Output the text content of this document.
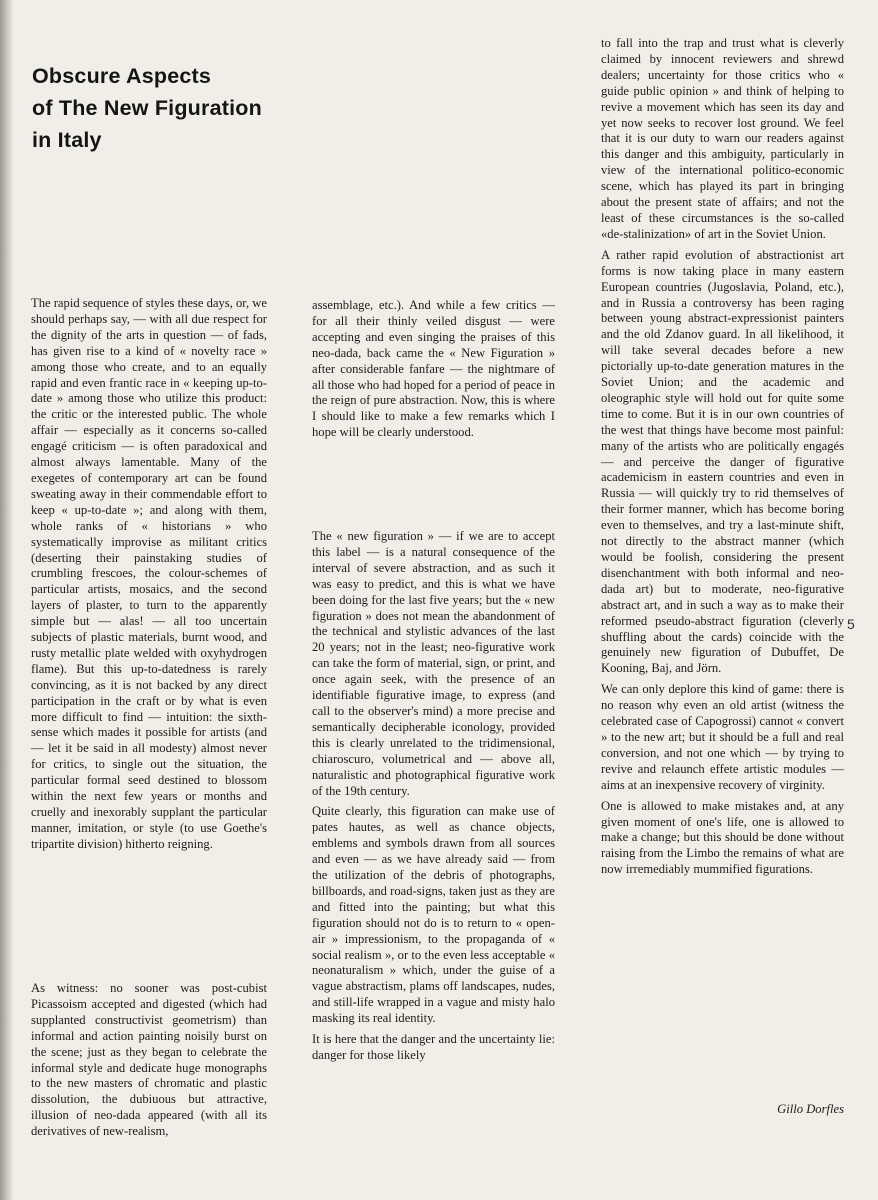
Obscure Aspects
of The New Figuration
in Italy

The rapid sequence of styles these days, or, we should perhaps say, — with all due respect for the dignity of the arts in question — of fads, has given rise to a kind of « novelty race » among those who create, and to an equally rapid and even frantic race in « keeping up-to-date » among those who utilize this product: the critic or the interested public. The whole affair — especially as it concerns so-called engagé criticism — is often paradoxical and almost always lamentable. Many of the exegetes of contemporary art can be found sweating away in their commendable effort to keep « up-to-date »; and along with them, whole ranks of « historians » who systematically improvise as militant critics (deserting their painstaking studies of crumbling frescoes, the colour-schemes of particular artists, mosaics, and the second layers of plaster, to turn to the apparently simple but — alas! — all too uncertain subjects of plastic materials, burnt wood, and rusty metallic plate welded with oxyhydrogen flame). But this up-to-datedness is rarely convincing, as it is not backed by any direct participation in the craft or by what is even more difficult to find — intuition: the sixth-sense which mades it possible for artists (and — let it be said in all modesty) almost never for critics, to single out the situation, the particular formal seed destined to blossom within the next few years or months and cruelly and inexorably supplant the particular manner, imitation, or style (to use Goethe's tripartite division) hitherto reigning.

As witness: no sooner was post-cubist Picassoism accepted and digested (which had supplanted constructivist geometrism) than informal and action painting noisily burst on the scene; just as they began to celebrate the informal style and dedicate huge monographs to the new masters of chromatic and plastic dissolution, the dubiuous but attractive, illusion of neo-dada appeared (with all its derivatives of new-realism,

assemblage, etc.). And while a few critics — for all their thinly veiled disgust — were accepting and even singing the praises of this neo-dada, back came the « New Figuration » after considerable fanfare — the nightmare of all those who had hoped for a period of peace in the reign of pure abstraction. Now, this is where I should like to make a few remarks which I hope will be clearly understood.

The « new figuration » — if we are to accept this label — is a natural consequence of the interval of severe abstraction, and as such it was easy to predict, and this is what we have been doing for the last five years; but the « new figuration » does not mean the abandonment of the technical and stylistic advances of the last 20 years; not in the least; neo-figurative work can take the form of material, sign, or print, and once again seek, with the presence of an identifiable figurative image, to express (and call to the observer's mind) a more precise and semantically decipherable iconology, provided this is clearly unrelated to the tridimensional, chiaroscuro, volumetrical and — above all, naturalistic and photographical figurative work of the 19th century.

Quite clearly, this figuration can make use of pates hautes, as well as chance objects, emblems and symbols drawn from all sources and even — as we have already said — from the utilization of the debris of photographs, billboards, and road-signs, taken just as they are and fitted into the painting; but what this figuration should not do is to return to « open-air » impressionism, to the propaganda of « social realism », or to the even less acceptable « neonaturalism » which, under the guise of a vague abstractism, plams off landscapes, nudes, and still-life wrapped in a vague and misty halo masking its real identity.

It is here that the danger and the uncertainty lie: danger for those likely

to fall into the trap and trust what is cleverly claimed by innocent reviewers and shrewd dealers; uncertainty for those critics who « guide public opinion » and think of helping to revive a movement which has seen its day and yet now seeks to recover lost ground. We feel that it is our duty to warn our readers against this danger and this ambiguity, particularly in view of the international politico-economic scene, which has played its part in bringing about the present state of affairs; and not the least of these circumstances is the so-called «de-stalinization» of art in the Soviet Union.

A rather rapid evolution of abstractionist art forms is now taking place in many eastern European countries (Jugoslavia, Poland, etc.), and in Russia a controversy has been raging between young abstract-expressionist painters and the old Zdanov guard. In all likelihood, it will take several decades before a new pictorially up-to-date generation matures in the Soviet Union; and the academic and oleographic style will hold out for quite some time to come. But it is in our own countries of the west that things have become most painful: many of the artists who are politically engagés — and perceive the danger of figurative academicism in eastern countries and even in Russia — will quickly try to rid themselves of their former manner, which has become boring even to themselves, and try a last-minute shift, not directly to the abstract manner (which would be foolish, considering the present disenchantment with both informal and neo-dada art) but to moderate, neo-figurative abstract art, and in such a way as to make their reformed pseudo-abstract figuration (cleverly shuffling about the cards) coincide with the genuinely new figuration of Dubuffet, De Kooning, Baj, and Jörn.

We can only deplore this kind of game: there is no reason why even an old artist (witness the celebrated case of Capogrossi) cannot « convert » to the new art; but it should be a full and real conversion, and not one which — by trying to revive and relaunch effete artistic modules — aims at an inexpensive recovery of virginity.

One is allowed to make mistakes and, at any given moment of one's life, one is allowed to make a change; but this should be done without raising from the Limbo the remains of what are now irremediably mummified figurations.

Gillo Dorfles
5
